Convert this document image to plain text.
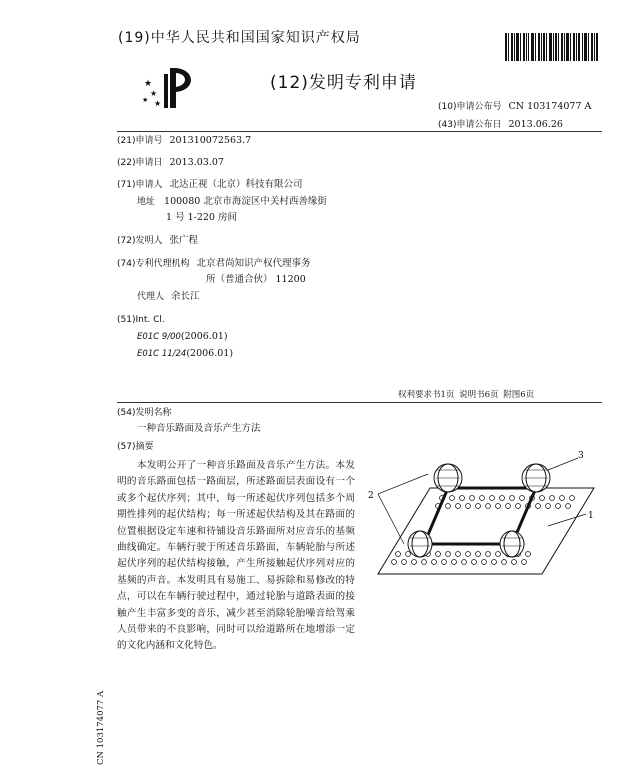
★
★
★ ★
(19)中华人民共和国国家知识产权局
(12)发明专利申请
(10)申请公布号 CN 103174077 A
(43)申请公布日 2013.06.26
(21)申请号 201310072563.7
(22)申请日 2013.03.07
(71)申请人 北达正视（北京）科技有限公司
地址 100080 北京市海淀区中关村西善缘街
1 号 1-220 房间
(72)发明人 张广程
(74)专利代理机构 北京君尚知识产权代理事务
所（普通合伙） 11200
代理人 余长江
(51)Int. Cl.
E01C 9/00(2006.01)
E01C 11/24(2006.01)
权利要求书1页 说明书6页 附图6页
(54)发明名称
一种音乐路面及音乐产生方法
(57)摘要

本发明公开了一种音乐路面及音乐产生方法。本发明的音乐路面包括一路面层，所述路面层表面设有一个或多个起伏序列；其中，每一所述起伏序列包括多个周期性排列的起伏结构；每一所述起伏结构及其在路面的位置根据设定车速和待铺设音乐路面所对应音乐的基频曲线确定。车辆行驶于所述音乐路面，车辆轮胎与所述起伏序列的起伏结构接触，产生所接触起伏序列对应的基频的声音。本发明具有易施工、易拆除和易修改的特点，可以在车辆行驶过程中，通过轮胎与道路表面的接触产生丰富多变的音乐，减少甚至消除轮胎噪音给驾乘人员带来的不良影响，同时可以给道路所在地增添一定的文化内涵和文化特色。

2
3
1
CN 103174077 A
